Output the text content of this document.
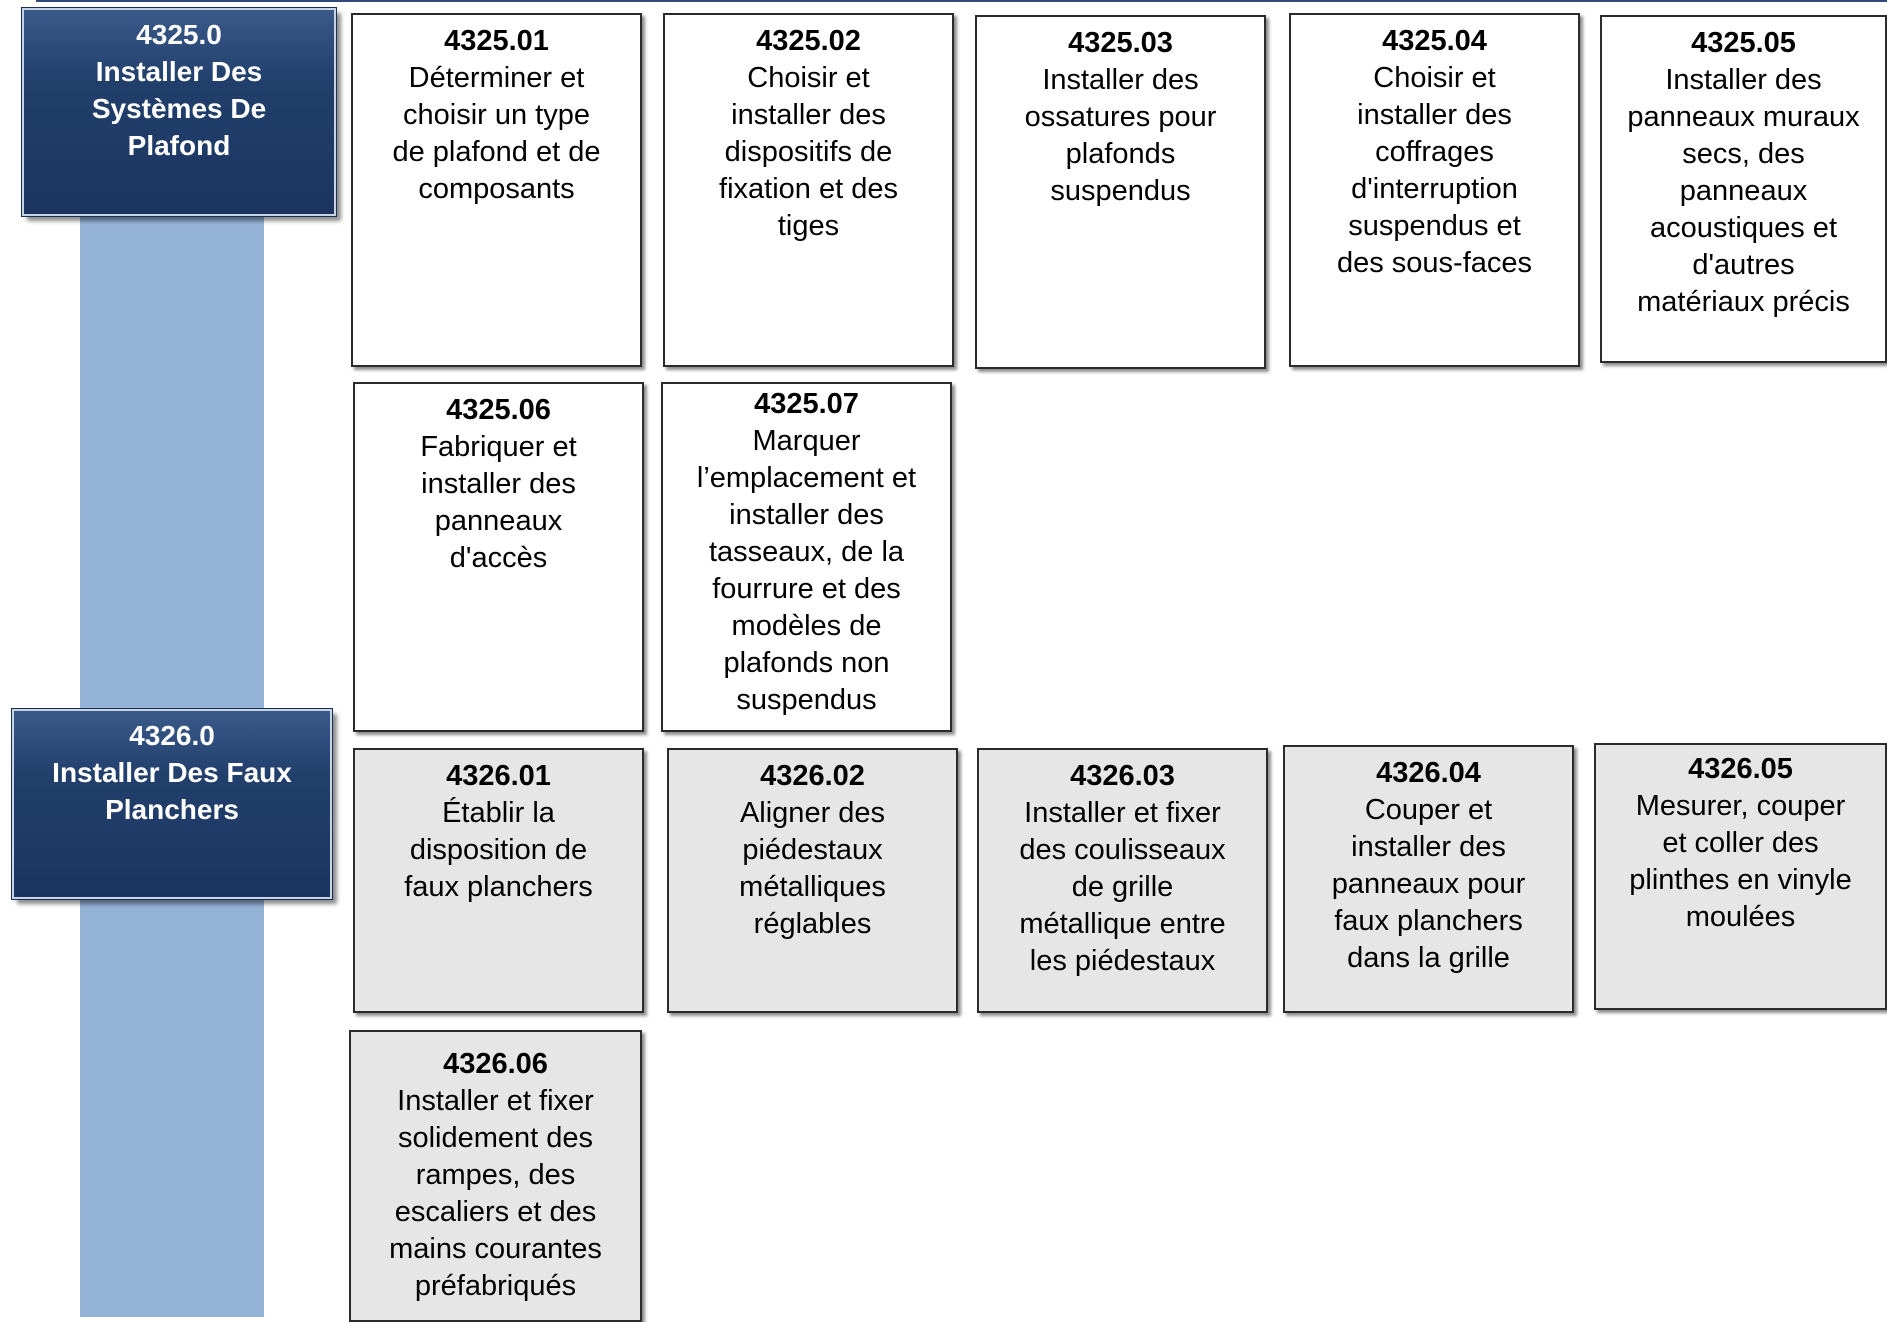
4325.0
Installer Des
Systèmes De
Plafond
4326.0
Installer Des Faux
Planchers
4325.01
Déterminer et
choisir un type
de plafond et de
composants
4325.02
Choisir et
installer des
dispositifs de
fixation et des
tiges
4325.03
Installer des
ossatures pour
plafonds
suspendus
4325.04
Choisir et
installer des
coffrages
d'interruption
suspendus et
des sous-faces
4325.05
Installer des
panneaux muraux
secs, des
panneaux
acoustiques et
d'autres
matériaux précis
4325.06
Fabriquer et
installer des
panneaux
d'accès
4325.07
Marquer
l’emplacement et
installer des
tasseaux, de la
fourrure et des
modèles de
plafonds non
suspendus
4326.01
Établir la
disposition de
faux planchers
4326.02
Aligner des
piédestaux
métalliques
réglables
4326.03
Installer et fixer
des coulisseaux
de grille
métallique entre
les piédestaux
4326.04
Couper et
installer des
panneaux pour
faux planchers
dans la grille
4326.05
Mesurer, couper
et coller des
plinthes en vinyle
moulées
4326.06
Installer et fixer
solidement des
rampes, des
escaliers et des
mains courantes
préfabriqués
